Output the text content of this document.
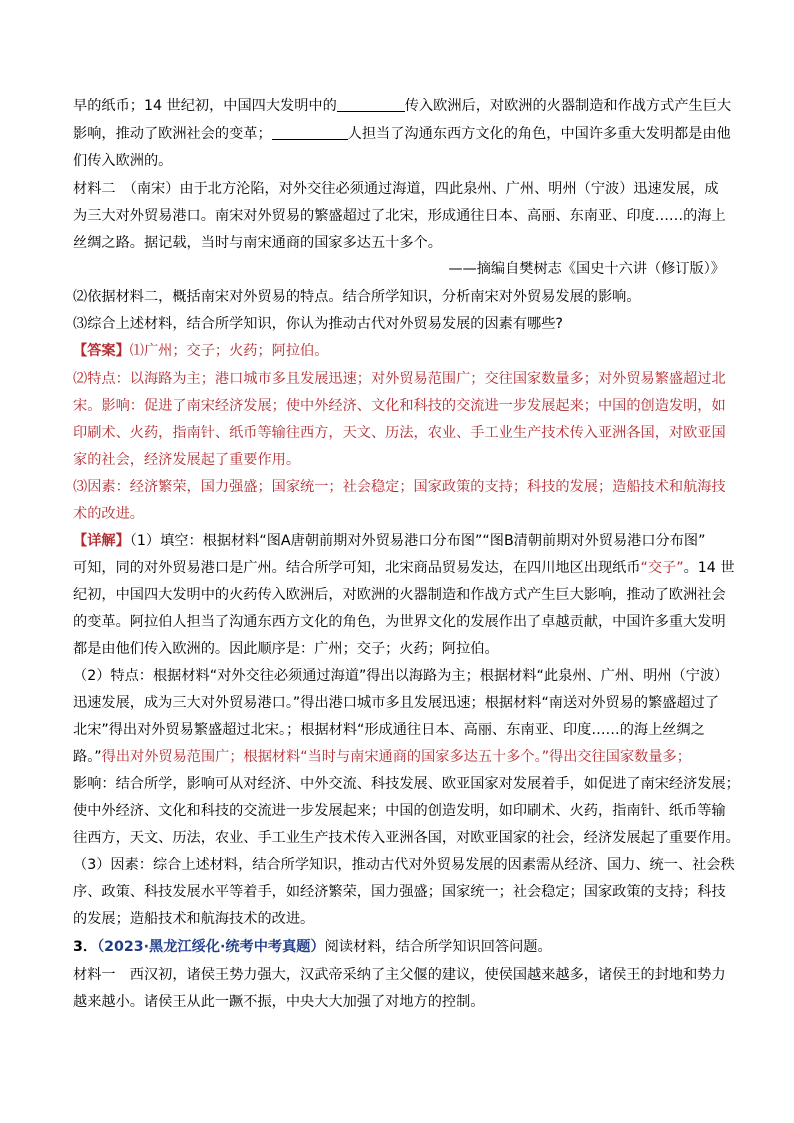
早的纸币；14 世纪初，中国四大发明中的	传入欧洲后，对欧洲的火器制造和作战方式产生巨大
影响，推动了欧洲社会的变革；	人担当了沟通东西方文化的角色，中国许多重大发明都是由他
们传入欧洲的。
材料二　（南宋）由于北方沦陷，对外交往必须通过海道，四此泉州、广州、明州（宁波）迅速发展，成
为三大对外贸易港口。南宋对外贸易的繁盛超过了北宋，形成通往日本、高丽、东南亚、印度……的海上
丝绸之路。据记载，当时与南宋通商的国家多达五十多个。
——摘编自樊树志《国史十六讲（修订版）》
⑵依据材料二，概括南宋对外贸易的特点。结合所学知识，分析南宋对外贸易发展的影响。
⑶综合上述材料，结合所学知识，你认为推动古代对外贸易发展的因素有哪些?
【答案】⑴广州；交子；火药；阿拉伯。
⑵特点：以海路为主；港口城市多且发展迅速；对外贸易范围广；交往国家数量多；对外贸易繁盛超过北
宋。影响：促进了南宋经济发展；使中外经济、文化和科技的交流进一步发展起来；中国的创造发明，如
印刷术、火药，指南针、纸币等输往西方，天文、历法，农业、手工业生产技术传入亚洲各国，对欧亚国
家的社会，经济发展起了重要作用。
⑶因素：经济繁荣，国力强盛；国家统一；社会稳定；国家政策的支持；科技的发展；造船技术和航海技
术的改进。
【详解】（1）填空：根据材料“图A唐朝前期对外贸易港口分布图”“图B清朝前期对外贸易港口分布图”
可知，同的对外贸易港口是广州。结合所学可知，北宋商品贸易发达，在四川地区出现纸币“交子”。14 世
纪初，中国四大发明中的火药传入欧洲后，对欧洲的火器制造和作战方式产生巨大影响，推动了欧洲社会
的变革。阿拉伯人担当了沟通东西方文化的角色，为世界文化的发展作出了卓越贡献，中国许多重大发明
都是由他们传入欧洲的。因此顺序是：广州；交子；火药；阿拉伯。
（2）特点：根据材料“对外交往必须通过海道”得出以海路为主；根据材料“此泉州、广州、明州（宁波）
迅速发展，成为三大对外贸易港口。”得出港口城市多且发展迅速；根据材料“南送对外贸易的繁盛超过了
北宋”得出对外贸易繁盛超过北宋。；根据材料“形成通往日本、高丽、东南亚、印度……的海上丝绸之
路。”得出对外贸易范围广；根据材料“当时与南宋通商的国家多达五十多个。”得出交往国家数量多；
影响：结合所学，影响可从对经济、中外交流、科技发展、欧亚国家对发展着手，如促进了南宋经济发展；
使中外经济、文化和科技的交流进一步发展起来；中国的创造发明，如印刷术、火药，指南针、纸币等输
往西方，天文、历法，农业、手工业生产技术传入亚洲各国，对欧亚国家的社会，经济发展起了重要作用。
（3）因素：综合上述材料，结合所学知识，推动古代对外贸易发展的因素需从经济、国力、统一、社会秩
序、政策、科技发展水平等着手，如经济繁荣，国力强盛；国家统一；社会稳定；国家政策的支持；科技
的发展；造船技术和航海技术的改进。
3．（2023·黑龙江绥化·统考中考真题）阅读材料，结合所学知识回答问题。
材料一　西汉初，诸侯王势力强大，汉武帝采纳了主父偃的建议，使侯国越来越多，诸侯王的封地和势力
越来越小。诸侯王从此一蹶不振，中央大大加强了对地方的控制。
